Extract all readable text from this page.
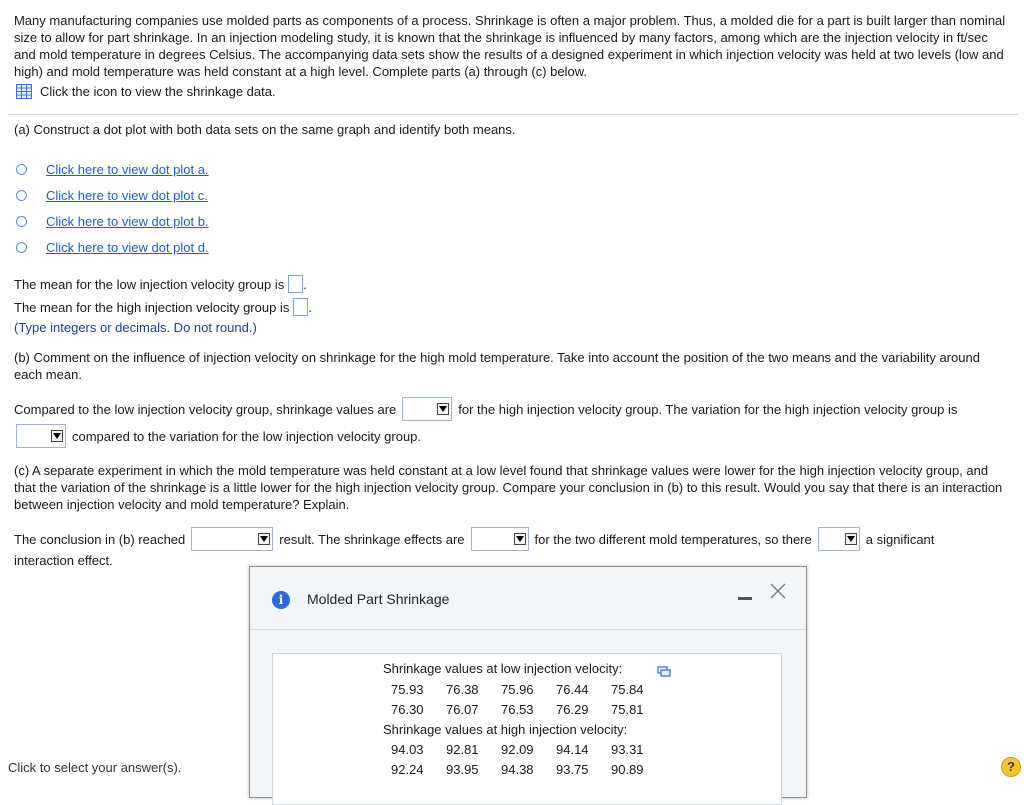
Many manufacturing companies use molded parts as components of a process. Shrinkage is often a major problem. Thus, a molded die for a part is built larger than nominal size to allow for part shrinkage. In an injection modeling study, it is known that the shrinkage is influenced by many factors, among which are the injection velocity in ft/sec and mold temperature in degrees Celsius. The accompanying data sets show the results of a designed experiment in which injection velocity was held at two levels (low and high) and mold temperature was held constant at a high level. Complete parts (a) through (c) below.
Click the icon to view the shrinkage data.
(a) Construct a dot plot with both data sets on the same graph and identify both means.
Click here to view dot plot a.
Click here to view dot plot c.
Click here to view dot plot b.
Click here to view dot plot d.
The mean for the low injection velocity group is .
The mean for the high injection velocity group is .
(Type integers or decimals. Do not round.)
(b) Comment on the influence of injection velocity on shrinkage for the high mold temperature. Take into account the position of the two means and the variability around each mean.
Compared to the low injection velocity group, shrinkage values are	for the high injection velocity group. The variation for the high injection velocity group is
compared to the variation for the low injection velocity group.
(c) A separate experiment in which the mold temperature was held constant at a low level found that shrinkage values were lower for the high injection velocity group, and that the variation of the shrinkage is a little lower for the high injection velocity group. Compare your conclusion in (b) to this result. Would you say that there is an interaction between injection velocity and mold temperature? Explain.
The conclusion in (b) reached	result. The shrinkage effects are	for the two different mold temperatures, so there	a significant
interaction effect.
i	Molded Part Shrinkage
Shrinkage values at low injection velocity:
75.93	76.38	75.96	76.44	75.84
76.30	76.07	76.53	76.29	75.81
Shrinkage values at high injection velocity:
94.03	92.81	92.09	94.14	93.31
92.24	93.95	94.38	93.75	90.89
Click to select your answer(s).	?
